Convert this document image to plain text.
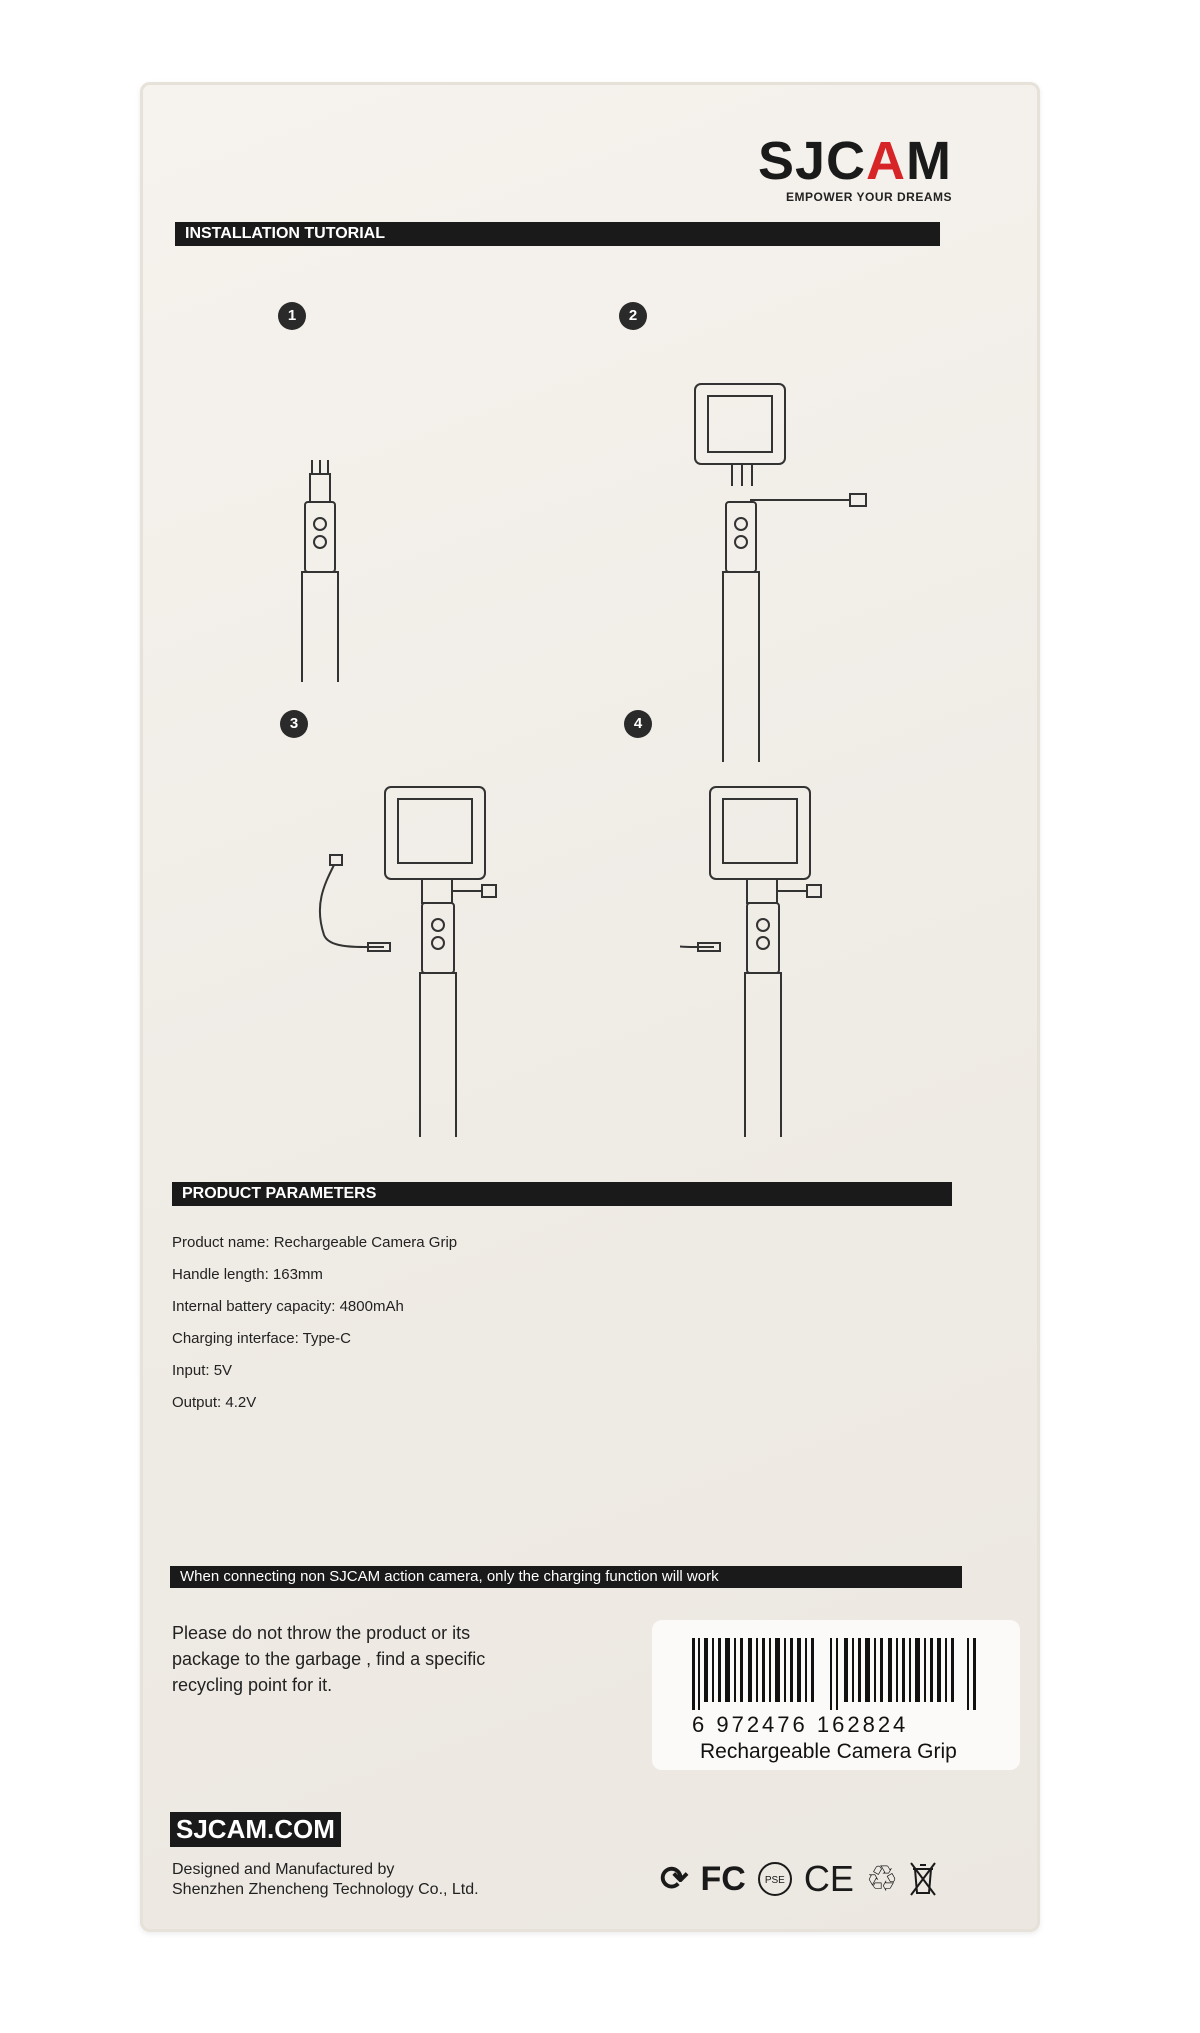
SJCAM
EMPOWER YOUR DREAMS
INSTALLATION TUTORIAL
1	2
3	4
PRODUCT PARAMETERS
Product name: Rechargeable Camera Grip
Handle length: 163mm
Internal battery capacity: 4800mAh
Charging interface: Type-C
Input: 5V
Output: 4.2V
When connecting non SJCAM action camera, only the charging function will work
Please do not throw the product or its package to the garbage , find a specific recycling point for it.
6 972476 162824
Rechargeable Camera Grip
SJCAM.COM
Designed and Manufactured by
Shenzhen Zhencheng Technology Co., Ltd.	⟳ FC	PSE CE ♲
